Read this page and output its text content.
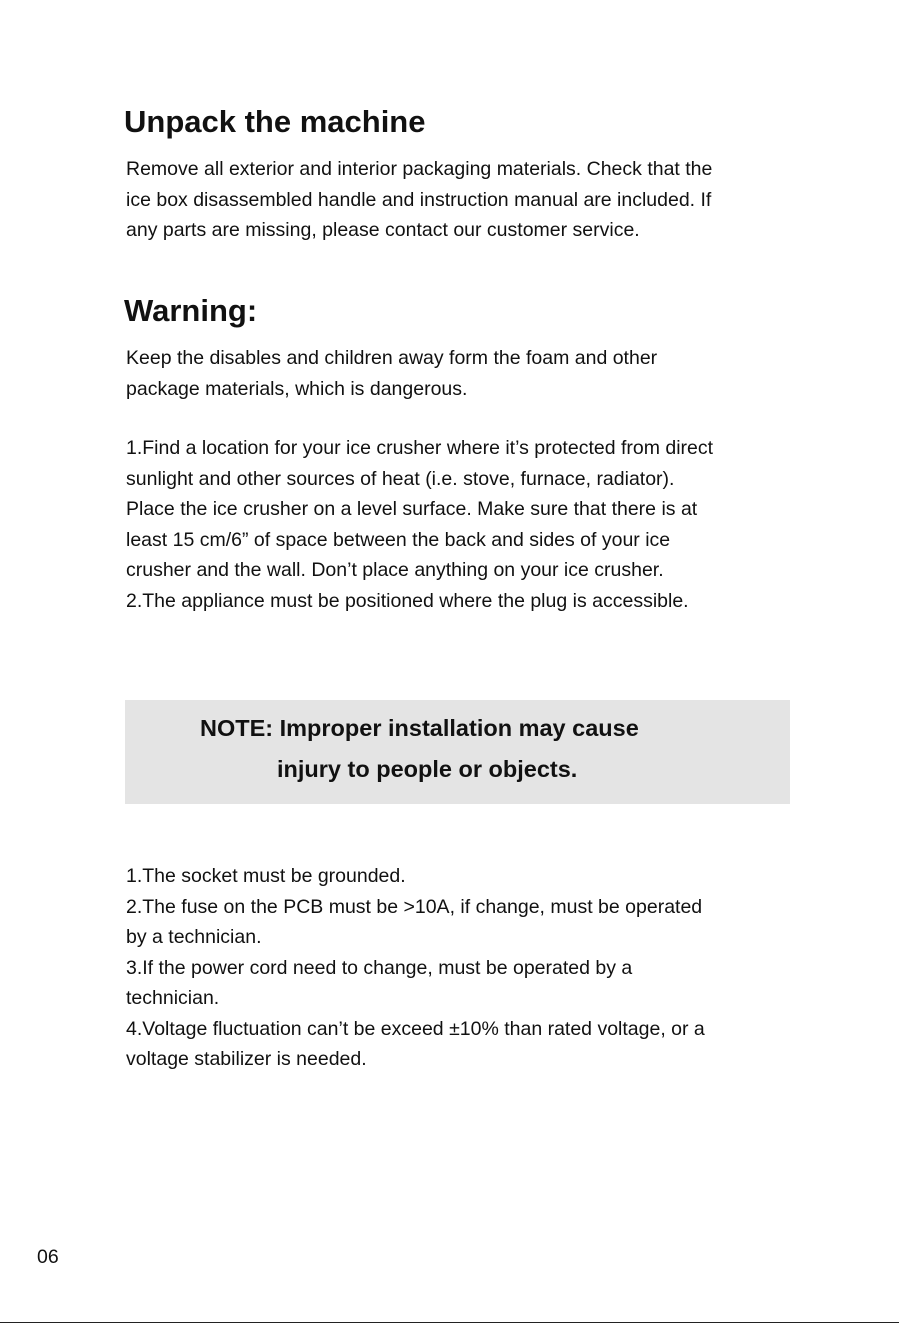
Unpack the machine

Remove all exterior and interior packaging materials. Check that the
ice box disassembled handle and instruction manual are included. If
any parts are missing, please contact our customer service.

Warning:

Keep the disables and children away form the foam and other
package materials, which is dangerous.

1.Find a location for your ice crusher where it’s protected from direct
sunlight and other sources of heat (i.e. stove, furnace, radiator).
Place the ice crusher on a level surface. Make sure that there is at
least 15 cm/6” of space between the back and sides of your ice
crusher and the wall. Don’t place anything on your ice crusher.
2.The appliance must be positioned where the plug is accessible.

NOTE: Improper installation may cause
injury to people or objects.

1.The socket must be grounded.
2.The fuse on the PCB must be >10A, if change, must be operated
by a technician.
3.If the power cord need to change, must be operated by a
technician.
4.Voltage fluctuation can’t be exceed ±10% than rated voltage, or a
voltage stabilizer is needed.

06
